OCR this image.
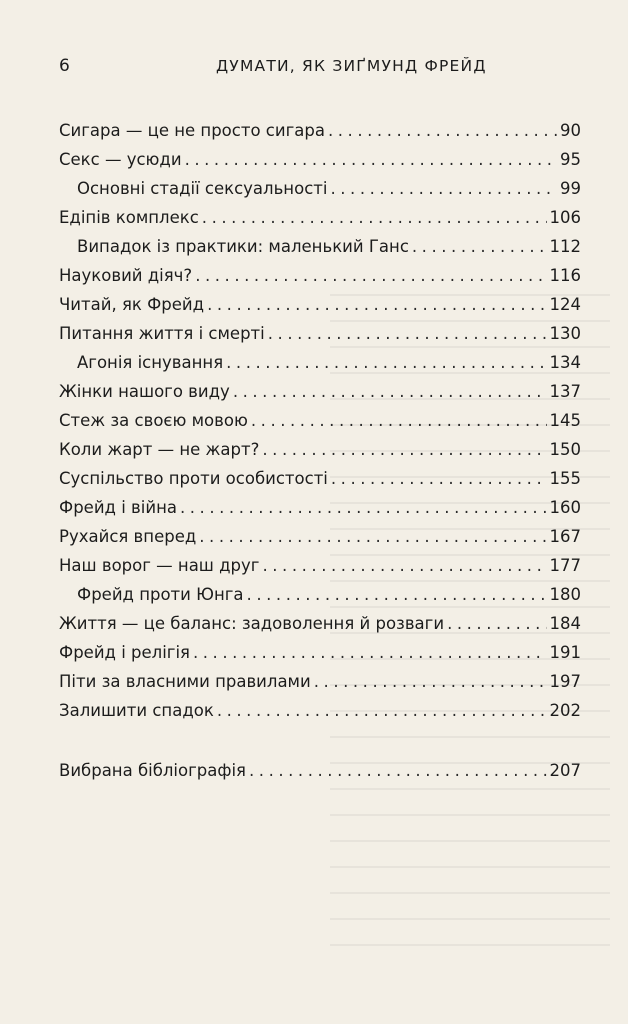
6	ДУМАТИ, ЯК ЗИҐМУНД ФРЕЙД
Сигара — це не просто сигара . . .	90
Секс — усюди . . .	95
Основні стадії сексуальності . . .	99
Едіпів комплекс . . .	106
Випадок із практики: маленький Ганс . . .	112
Науковий діяч? . . .	116
Читай, як Фрейд . . .	124
Питання життя і смерті . . .	130
Агонія існування . . .	134
Жінки нашого виду . . .	137
Стеж за своєю мовою . . .	145
Коли жарт — не жарт? . . .	150
Суспільство проти особистості . . .	155
Фрейд і війна . . .	160
Рухайся вперед . . .	167
Наш ворог — наш друг . . .	177
Фрейд проти Юнга . . .	180
Життя — це баланс: задоволення й розваги . . .	184
Фрейд і релігія . . .	191
Піти за власними правилами . . .	197
Залишити спадок . . .	202
Вибрана бібліографія . . .	207
